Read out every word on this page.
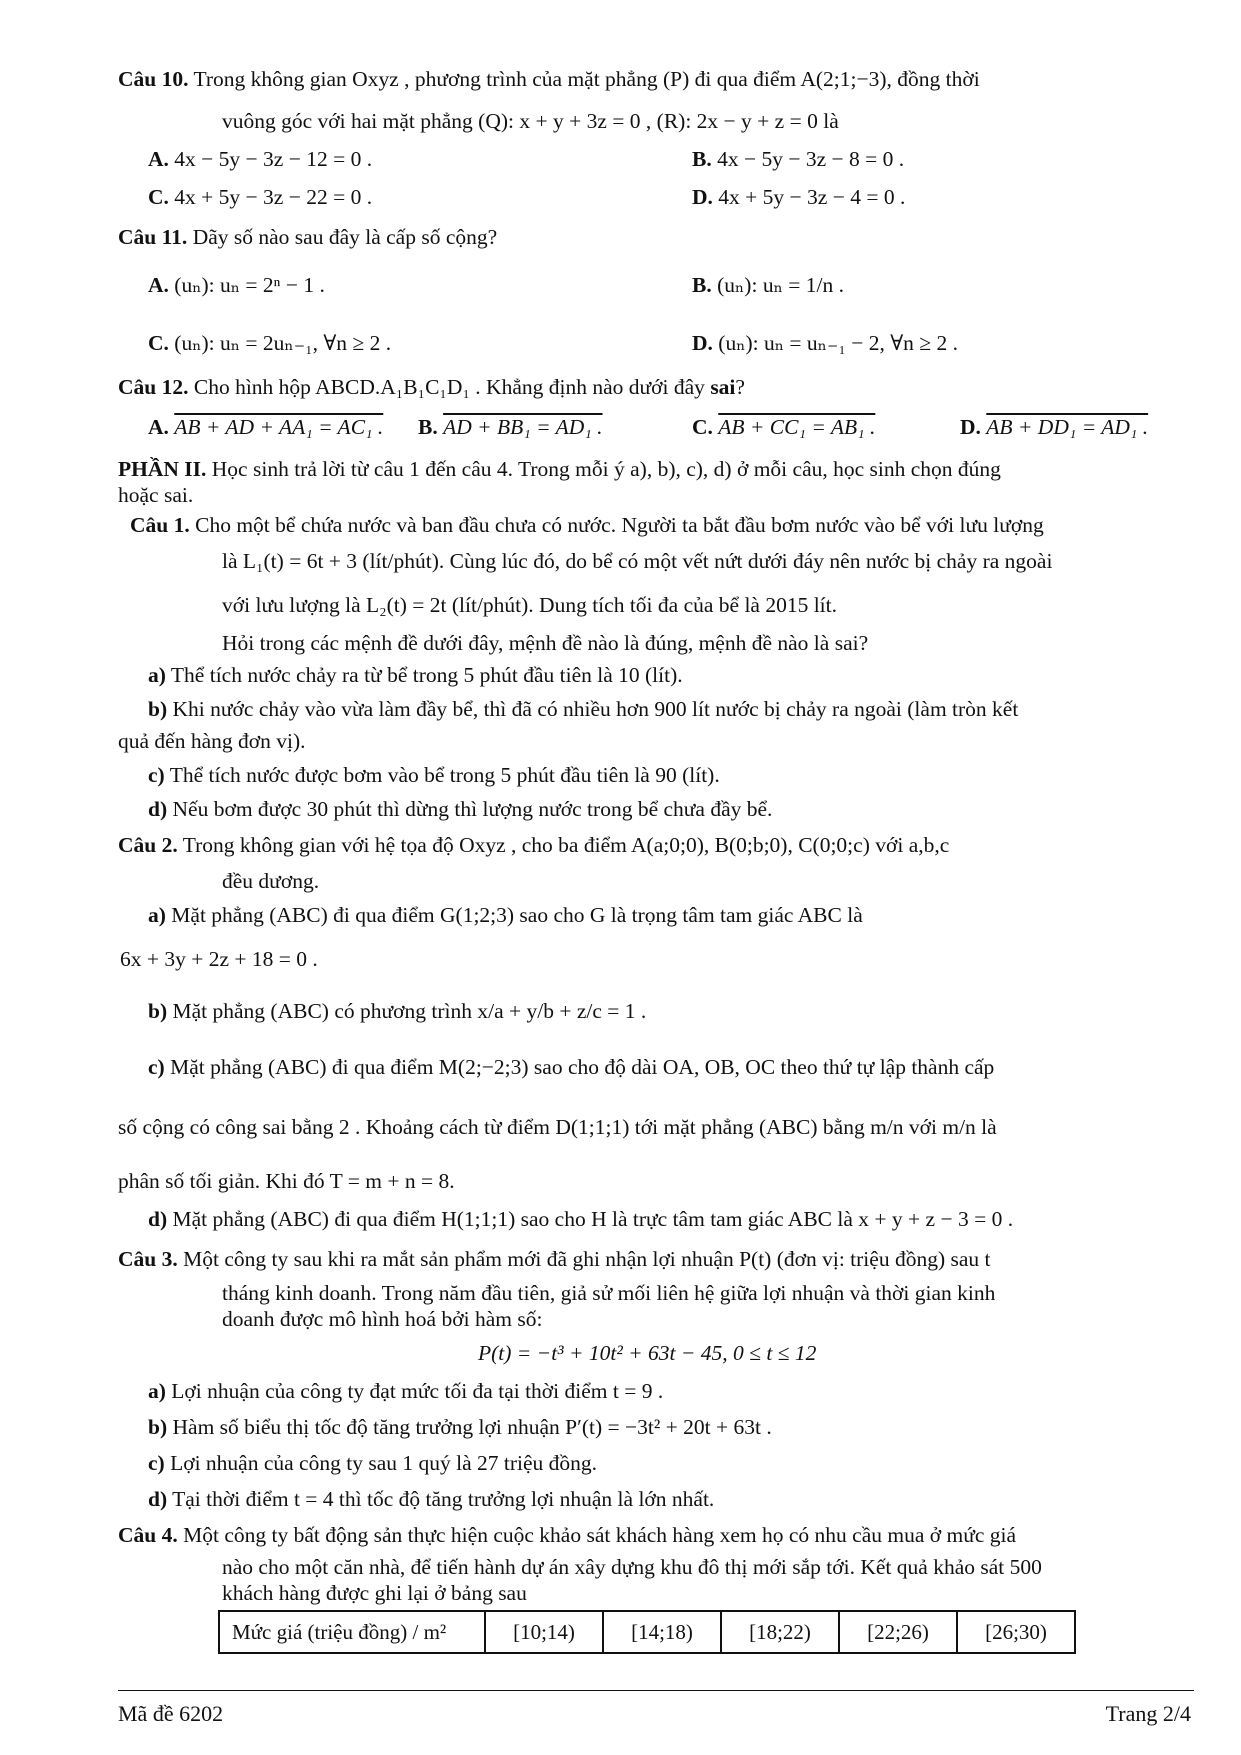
Câu 10. Trong không gian Oxyz , phương trình của mặt phẳng (P) đi qua điểm A(2;1;−3), đồng thời
vuông góc với hai mặt phẳng (Q): x + y + 3z = 0 , (R): 2x − y + z = 0 là
A. 4x − 5y − 3z − 12 = 0 .	B. 4x − 5y − 3z − 8 = 0 .
C. 4x + 5y − 3z − 22 = 0 .	D. 4x + 5y − 3z − 4 = 0 .
Câu 11. Dãy số nào sau đây là cấp số cộng?
A. (uₙ): uₙ = 2ⁿ − 1 .	B. (uₙ): uₙ = 1/n .
C. (uₙ): uₙ = 2uₙ₋₁, ∀n ≥ 2 .	D. (uₙ): uₙ = uₙ₋₁ − 2, ∀n ≥ 2 .
Câu 12. Cho hình hộp ABCD.A₁B₁C₁D₁ . Khẳng định nào dưới đây sai?
A. AB + AD + AA₁ = AC₁ . B. AD + BB₁ = AD₁ .	C. AB + CC₁ = AB₁ .	D. AB + DD₁ = AD₁ .
PHẦN II. Học sinh trả lời từ câu 1 đến câu 4. Trong mỗi ý a), b), c), d) ở mỗi câu, học sinh chọn đúng
hoặc sai.
Câu 1. Cho một bể chứa nước và ban đầu chưa có nước. Người ta bắt đầu bơm nước vào bể với lưu lượng
là L₁(t) = 6t + 3 (lít/phút). Cùng lúc đó, do bể có một vết nứt dưới đáy nên nước bị chảy ra ngoài
với lưu lượng là L₂(t) = 2t (lít/phút). Dung tích tối đa của bể là 2015 lít.
Hỏi trong các mệnh đề dưới đây, mệnh đề nào là đúng, mệnh đề nào là sai?
a) Thể tích nước chảy ra từ bể trong 5 phút đầu tiên là 10 (lít).
b) Khi nước chảy vào vừa làm đầy bể, thì đã có nhiều hơn 900 lít nước bị chảy ra ngoài (làm tròn kết
quả đến hàng đơn vị).
c) Thể tích nước được bơm vào bể trong 5 phút đầu tiên là 90 (lít).
d) Nếu bơm được 30 phút thì dừng thì lượng nước trong bể chưa đầy bể.
Câu 2. Trong không gian với hệ tọa độ Oxyz , cho ba điểm A(a;0;0), B(0;b;0), C(0;0;c) với a,b,c
đều dương.
a) Mặt phẳng (ABC) đi qua điểm G(1;2;3) sao cho G là trọng tâm tam giác ABC là
6x + 3y + 2z + 18 = 0 .
b) Mặt phẳng (ABC) có phương trình x/a + y/b + z/c = 1 .
c) Mặt phẳng (ABC) đi qua điểm M(2;−2;3) sao cho độ dài OA, OB, OC theo thứ tự lập thành cấp
số cộng có công sai bằng 2 . Khoảng cách từ điểm D(1;1;1) tới mặt phẳng (ABC) bằng m/n với m/n là
phân số tối giản. Khi đó T = m + n = 8.
d) Mặt phẳng (ABC) đi qua điểm H(1;1;1) sao cho H là trực tâm tam giác ABC là x + y + z − 3 = 0 .
Câu 3. Một công ty sau khi ra mắt sản phẩm mới đã ghi nhận lợi nhuận P(t) (đơn vị: triệu đồng) sau t
tháng kinh doanh. Trong năm đầu tiên, giả sử mối liên hệ giữa lợi nhuận và thời gian kinh
doanh được mô hình hoá bởi hàm số:
P(t) = −t³ + 10t² + 63t − 45, 0 ≤ t ≤ 12
a) Lợi nhuận của công ty đạt mức tối đa tại thời điểm t = 9 .
b) Hàm số biểu thị tốc độ tăng trưởng lợi nhuận P′(t) = −3t² + 20t + 63t .
c) Lợi nhuận của công ty sau 1 quý là 27 triệu đồng.
d) Tại thời điểm t = 4 thì tốc độ tăng trưởng lợi nhuận là lớn nhất.
Câu 4. Một công ty bất động sản thực hiện cuộc khảo sát khách hàng xem họ có nhu cầu mua ở mức giá
nào cho một căn nhà, để tiến hành dự án xây dựng khu đô thị mới sắp tới. Kết quả khảo sát 500
khách hàng được ghi lại ở bảng sau
Mức giá (triệu đồng) / m²	[10;14)	[14;18)	[18;22)	[22;26)	[26;30)
Mã đề 6202	Trang 2/4
